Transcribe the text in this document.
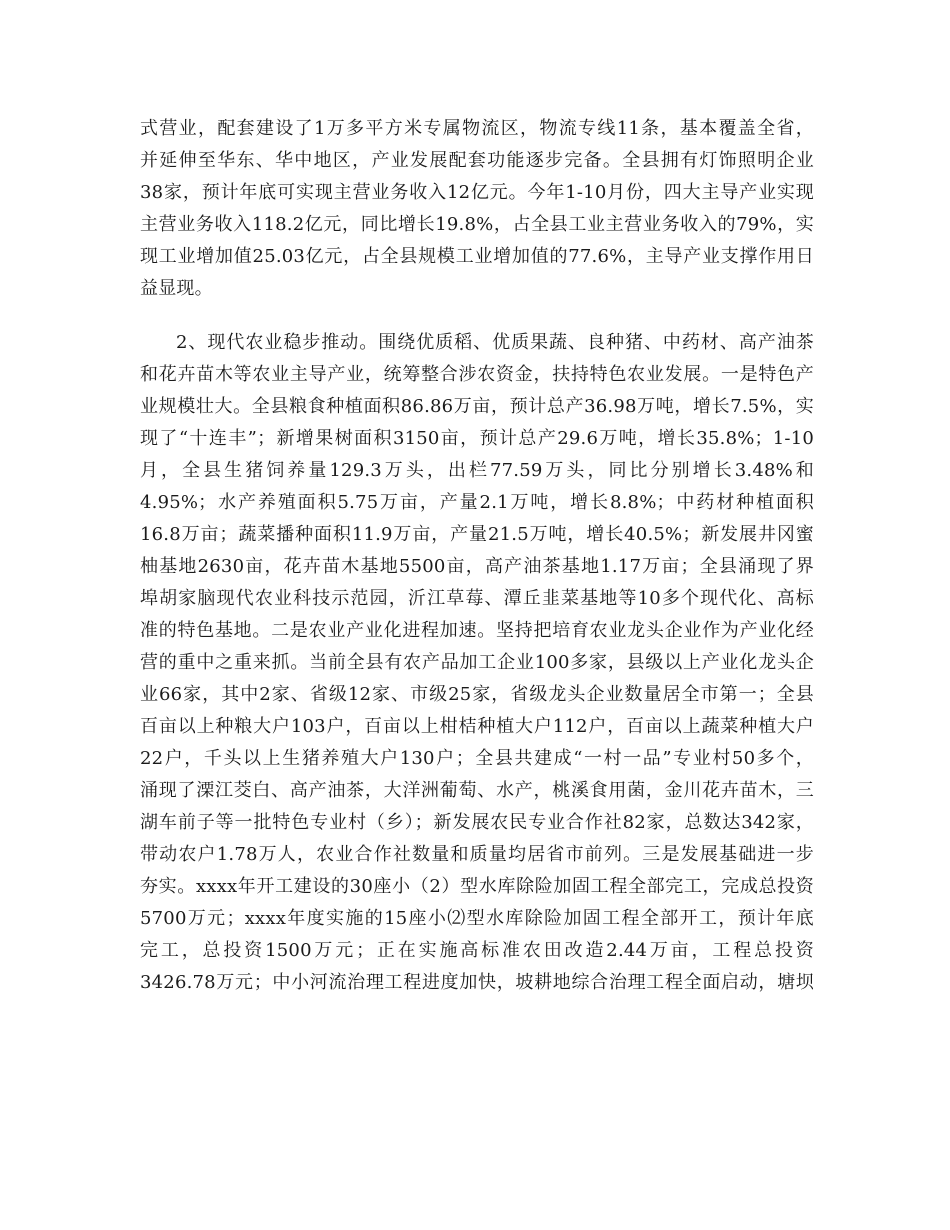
式营业，配套建设了1万多平方米专属物流区，物流专线11条，基本覆盖全省，
并延伸至华东、华中地区，产业发展配套功能逐步完备。全县拥有灯饰照明企业
38家，预计年底可实现主营业务收入12亿元。今年1-10月份，四大主导产业实现
主营业务收入118.2亿元，同比增长19.8%，占全县工业主营业务收入的79%，实
现工业增加值25.03亿元，占全县规模工业增加值的77.6%，主导产业支撑作用日
益显现。
2、现代农业稳步推动。围绕优质稻、优质果蔬、良种猪、中药材、高产油茶
和花卉苗木等农业主导产业，统筹整合涉农资金，扶持特色农业发展。一是特色产
业规模壮大。全县粮食种植面积86.86万亩，预计总产36.98万吨，增长7.5%，实
现了“十连丰”；新增果树面积3150亩，预计总产29.6万吨，增长35.8%；1-10
月，全县生猪饲养量129.3万头，出栏77.59万头，同比分别增长3.48%和
4.95%；水产养殖面积5.75万亩，产量2.1万吨，增长8.8%；中药材种植面积
16.8万亩；蔬菜播种面积11.9万亩，产量21.5万吨，增长40.5%；新发展井冈蜜
柚基地2630亩，花卉苗木基地5500亩，高产油茶基地1.17万亩；全县涌现了界
埠胡家脑现代农业科技示范园，沂江草莓、潭丘韭菜基地等10多个现代化、高标
准的特色基地。二是农业产业化进程加速。坚持把培育农业龙头企业作为产业化经
营的重中之重来抓。当前全县有农产品加工企业100多家，县级以上产业化龙头企
业66家，其中2家、省级12家、市级25家，省级龙头企业数量居全市第一；全县
百亩以上种粮大户103户，百亩以上柑桔种植大户112户，百亩以上蔬菜种植大户
22户，千头以上生猪养殖大户130户；全县共建成“一村一品”专业村50多个，
涌现了溧江茭白、高产油茶，大洋洲葡萄、水产，桃溪食用菌，金川花卉苗木，三
湖车前子等一批特色专业村（乡）；新发展农民专业合作社82家，总数达342家，
带动农户1.78万人，农业合作社数量和质量均居省市前列。三是发展基础进一步
夯实。xxxx年开工建设的30座小（2）型水库除险加固工程全部完工，完成总投资
5700万元；xxxx年度实施的15座小⑵型水库除险加固工程全部开工，预计年底
完工，总投资1500万元；正在实施高标准农田改造2.44万亩，工程总投资
3426.78万元；中小河流治理工程进度加快，坡耕地综合治理工程全面启动，塘坝
